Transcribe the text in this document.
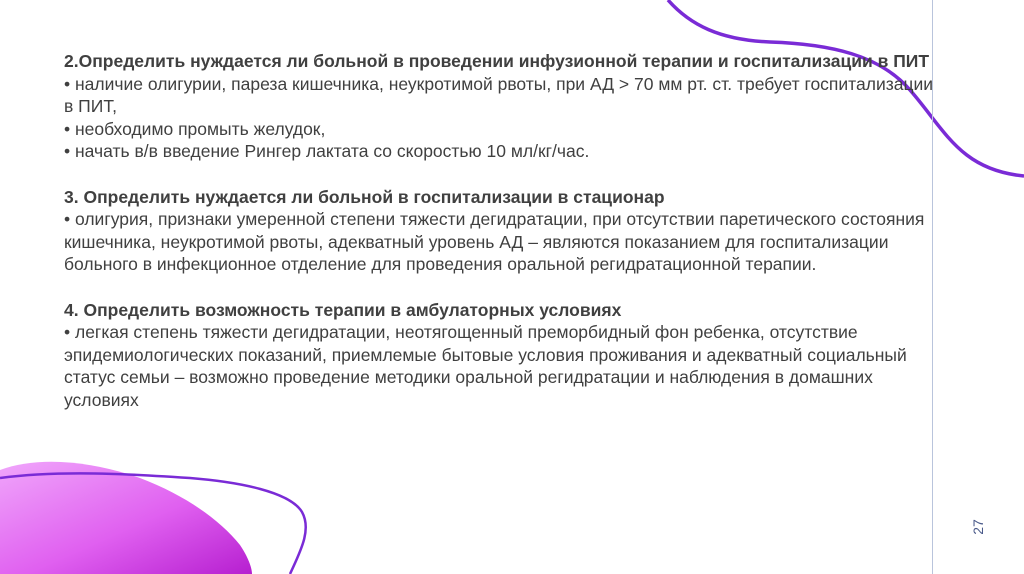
27
2.Определить нуждается ли больной в проведении инфузионной терапии и госпитализации в ПИТ
• наличие олигурии, пареза кишечника, неукротимой рвоты, при АД > 70 мм рт. ст. требует госпитализации в ПИТ,
• необходимо промыть желудок,
• начать в/в введение Рингер лактата со скоростью 10 мл/кг/час.
3. Определить нуждается ли больной в госпитализации в стационар
• олигурия, признаки умеренной степени тяжести дегидратации, при отсутствии паретического состояния кишечника, неукротимой рвоты, адекватный уровень АД – являются показанием для госпитализации больного в инфекционное отделение для проведения оральной регидратационной терапии.
4. Определить возможность терапии в амбулаторных условиях
• легкая степень тяжести дегидратации, неотягощенный преморбидный фон ребенка, отсутствие эпидемиологических показаний, приемлемые бытовые условия проживания и адекватный социальный статус семьи – возможно проведение методики оральной регидратации и наблюдения в домашних условиях
